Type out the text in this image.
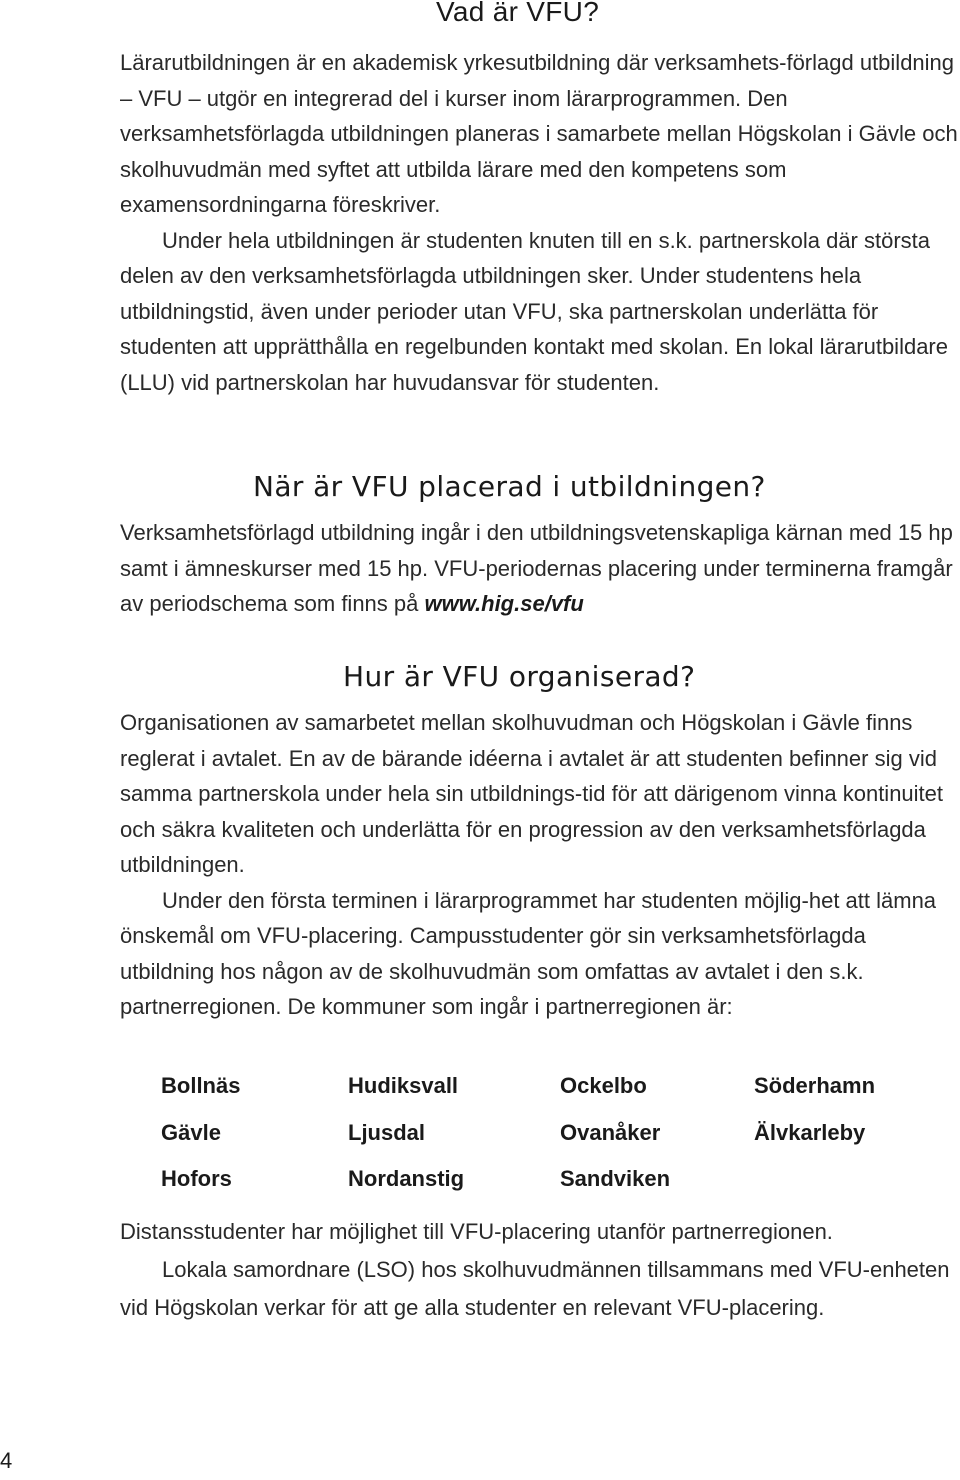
Vad är VFU?

Lärarutbildningen är en akademisk yrkesutbildning där verksamhets-förlagd utbildning – VFU – utgör en integrerad del i kurser inom lärarprogrammen. Den verksamhetsförlagda utbildningen planeras i samarbete mellan Högskolan i Gävle och skolhuvudmän med syftet att utbilda lärare med den kompetens som examensordningarna föreskriver.
Under hela utbildningen är studenten knuten till en s.k. partnerskola där största delen av den verksamhetsförlagda utbildningen sker. Under studentens hela utbildningstid, även under perioder utan VFU, ska partnerskolan underlätta för studenten att upprätthålla en regelbunden kontakt med skolan. En lokal lärarutbildare (LLU) vid partnerskolan har huvudansvar för studenten.

När är VFU placerad i utbildningen?

Verksamhetsförlagd utbildning ingår i den utbildningsvetenskapliga kärnan med 15 hp samt i ämneskurser med 15 hp. VFU-periodernas placering under terminerna framgår av periodschema som finns på www.hig.se/vfu

Hur är VFU organiserad?

Organisationen av samarbetet mellan skolhuvudman och Högskolan i Gävle finns reglerat i avtalet. En av de bärande idéerna i avtalet är att studenten befinner sig vid samma partnerskola under hela sin utbildnings-tid för att därigenom vinna kontinuitet och säkra kvaliteten och underlätta för en progression av den verksamhetsförlagda utbildningen.
Under den första terminen i lärarprogrammet har studenten möjlig-het att lämna önskemål om VFU-placering. Campusstudenter gör sin verksamhetsförlagda utbildning hos någon av de skolhuvudmän som omfattas av avtalet i den s.k. partnerregionen. De kommuner som ingår i partnerregionen är:

Bollnäs	Hudiksvall	Ockelbo	Söderhamn
Gävle	Ljusdal	Ovanåker	Älvkarleby
Hofors	Nordanstig	Sandviken

Distansstudenter har möjlighet till VFU-placering utanför partnerregionen.
Lokala samordnare (LSO) hos skolhuvudmännen tillsammans med VFU-enheten vid Högskolan verkar för att ge alla studenter en relevant VFU-placering.

4
